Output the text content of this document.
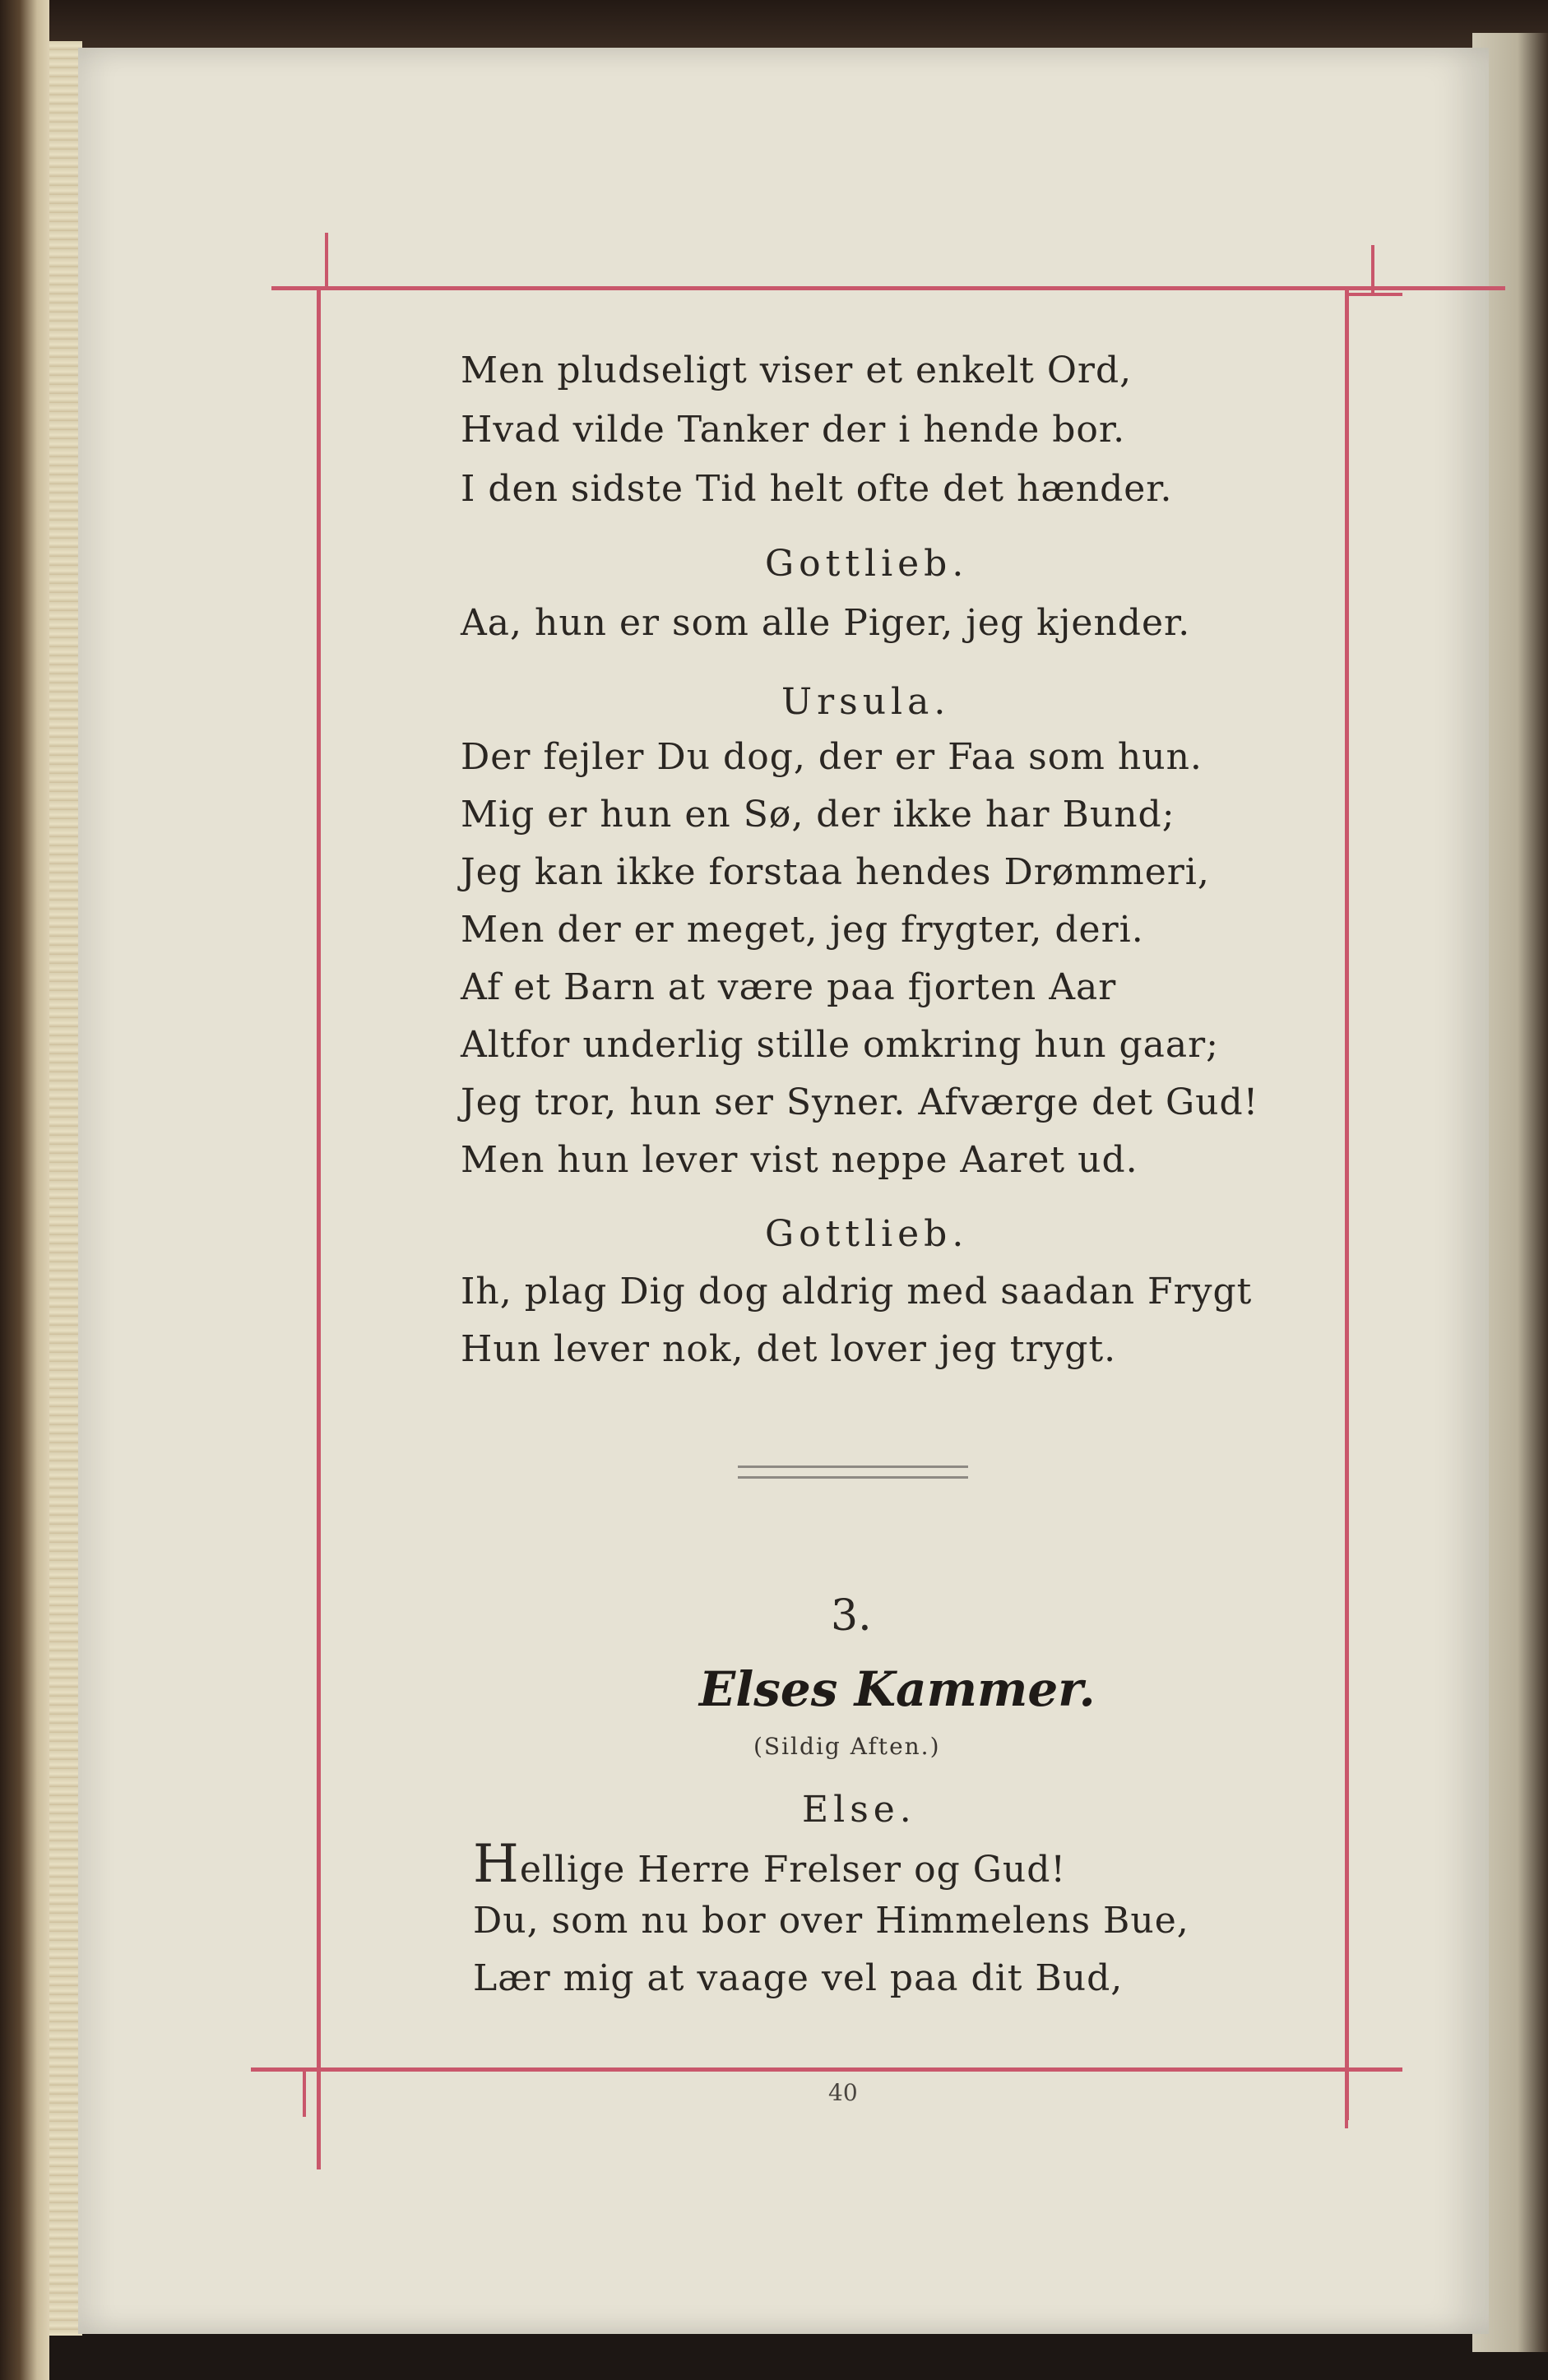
Men pludseligt viser et enkelt Ord,
Hvad vilde Tanker der i hende bor.
I den sidste Tid helt ofte det hænder.
Gottlieb.
Aa, hun er som alle Piger, jeg kjender.
Ursula.
Der fejler Du dog, der er Faa som hun.
Mig er hun en Sø, der ikke har Bund;
Jeg kan ikke forstaa hendes Drømmeri,
Men der er meget, jeg frygter, deri.
Af et Barn at være paa fjorten Aar
Altfor underlig stille omkring hun gaar;
Jeg tror, hun ser Syner. Afværge det Gud!
Men hun lever vist neppe Aaret ud.
Gottlieb.
Ih, plag Dig dog aldrig med saadan Frygt
Hun lever nok, det lover jeg trygt.
3.
Elses Kammer.
(Sildig Aften.)
Else.
Hellige Herre Frelser og Gud!
Du, som nu bor over Himmelens Bue,
Lær mig at vaage vel paa dit Bud,
40
